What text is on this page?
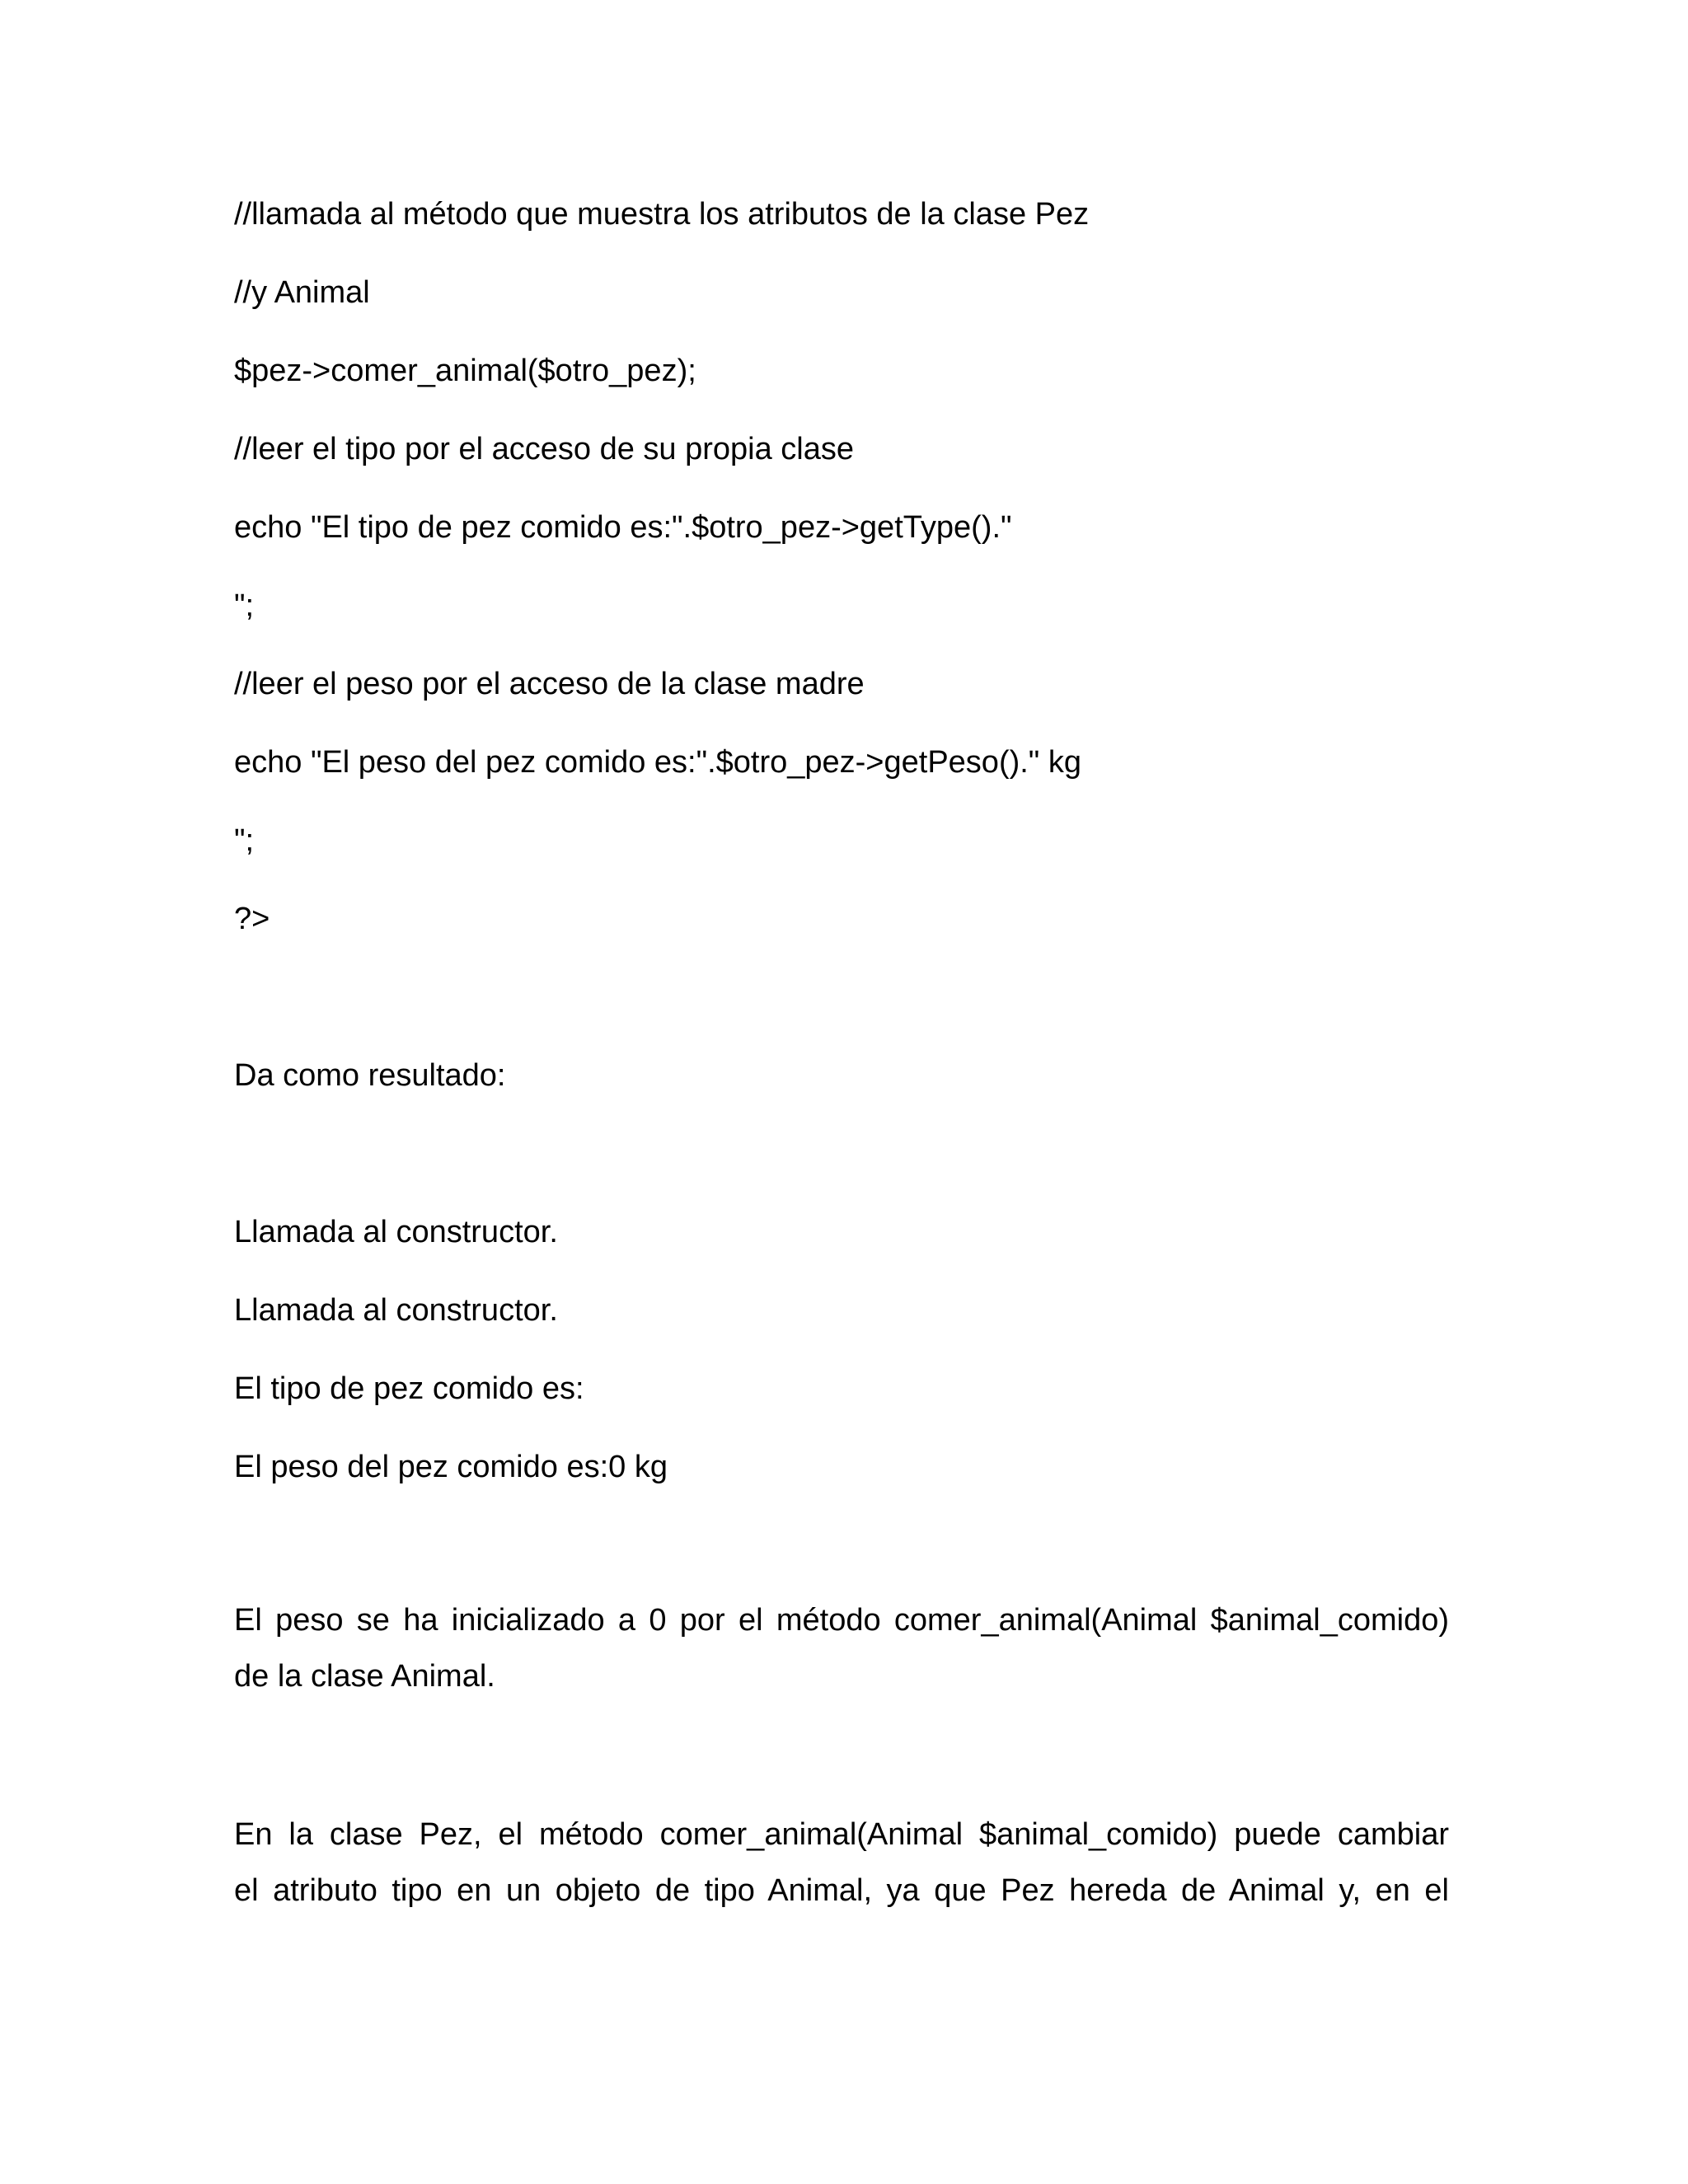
//llamada al método que muestra los atributos de la clase Pez

//y Animal

$pez->comer_animal($otro_pez);

//leer el tipo por el acceso de su propia clase

echo "El tipo de pez comido es:".$otro_pez->getType()."

";

//leer el peso por el acceso de la clase madre

echo "El peso del pez comido es:".$otro_pez->getPeso()." kg

";

?>

Da como resultado:

Llamada al constructor.

Llamada al constructor.

El tipo de pez comido es:

El peso del pez comido es:0 kg

El peso se ha inicializado a 0 por el método comer_animal(Animal $animal_comido)
de la clase Animal.
En la clase Pez, el método comer_animal(Animal $animal_comido) puede cambiar
el atributo tipo en un objeto de tipo Animal, ya que Pez hereda de Animal y, en el
